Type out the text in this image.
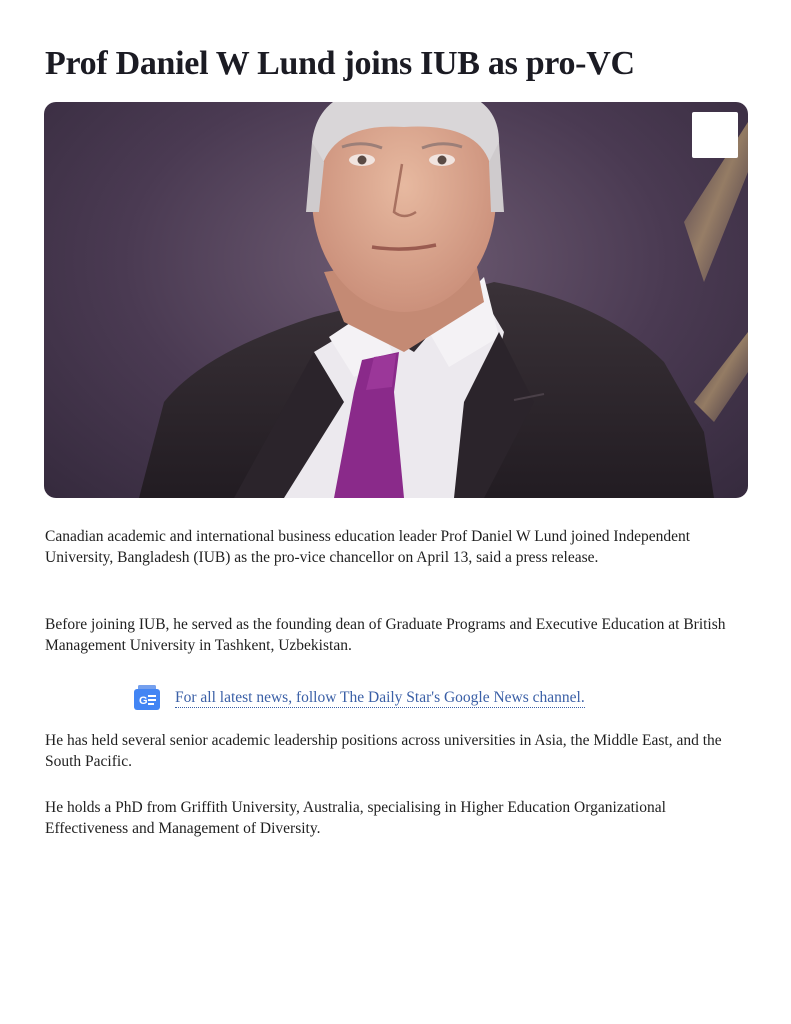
Prof Daniel W Lund joins IUB as pro-VC

Canadian academic and international business education leader Prof Daniel W Lund joined Independent University, Bangladesh (IUB) as the pro-vice chancellor on April 13, said a press release.

Before joining IUB, he served as the founding dean of Graduate Programs and Executive Education at British Management University in Tashkent, Uzbekistan.

G For all latest news, follow The Daily Star's Google News channel.

He has held several senior academic leadership positions across universities in Asia, the Middle East, and the South Pacific.

He holds a PhD from Griffith University, Australia, specialising in Higher Education Organizational Effectiveness and Management of Diversity.
